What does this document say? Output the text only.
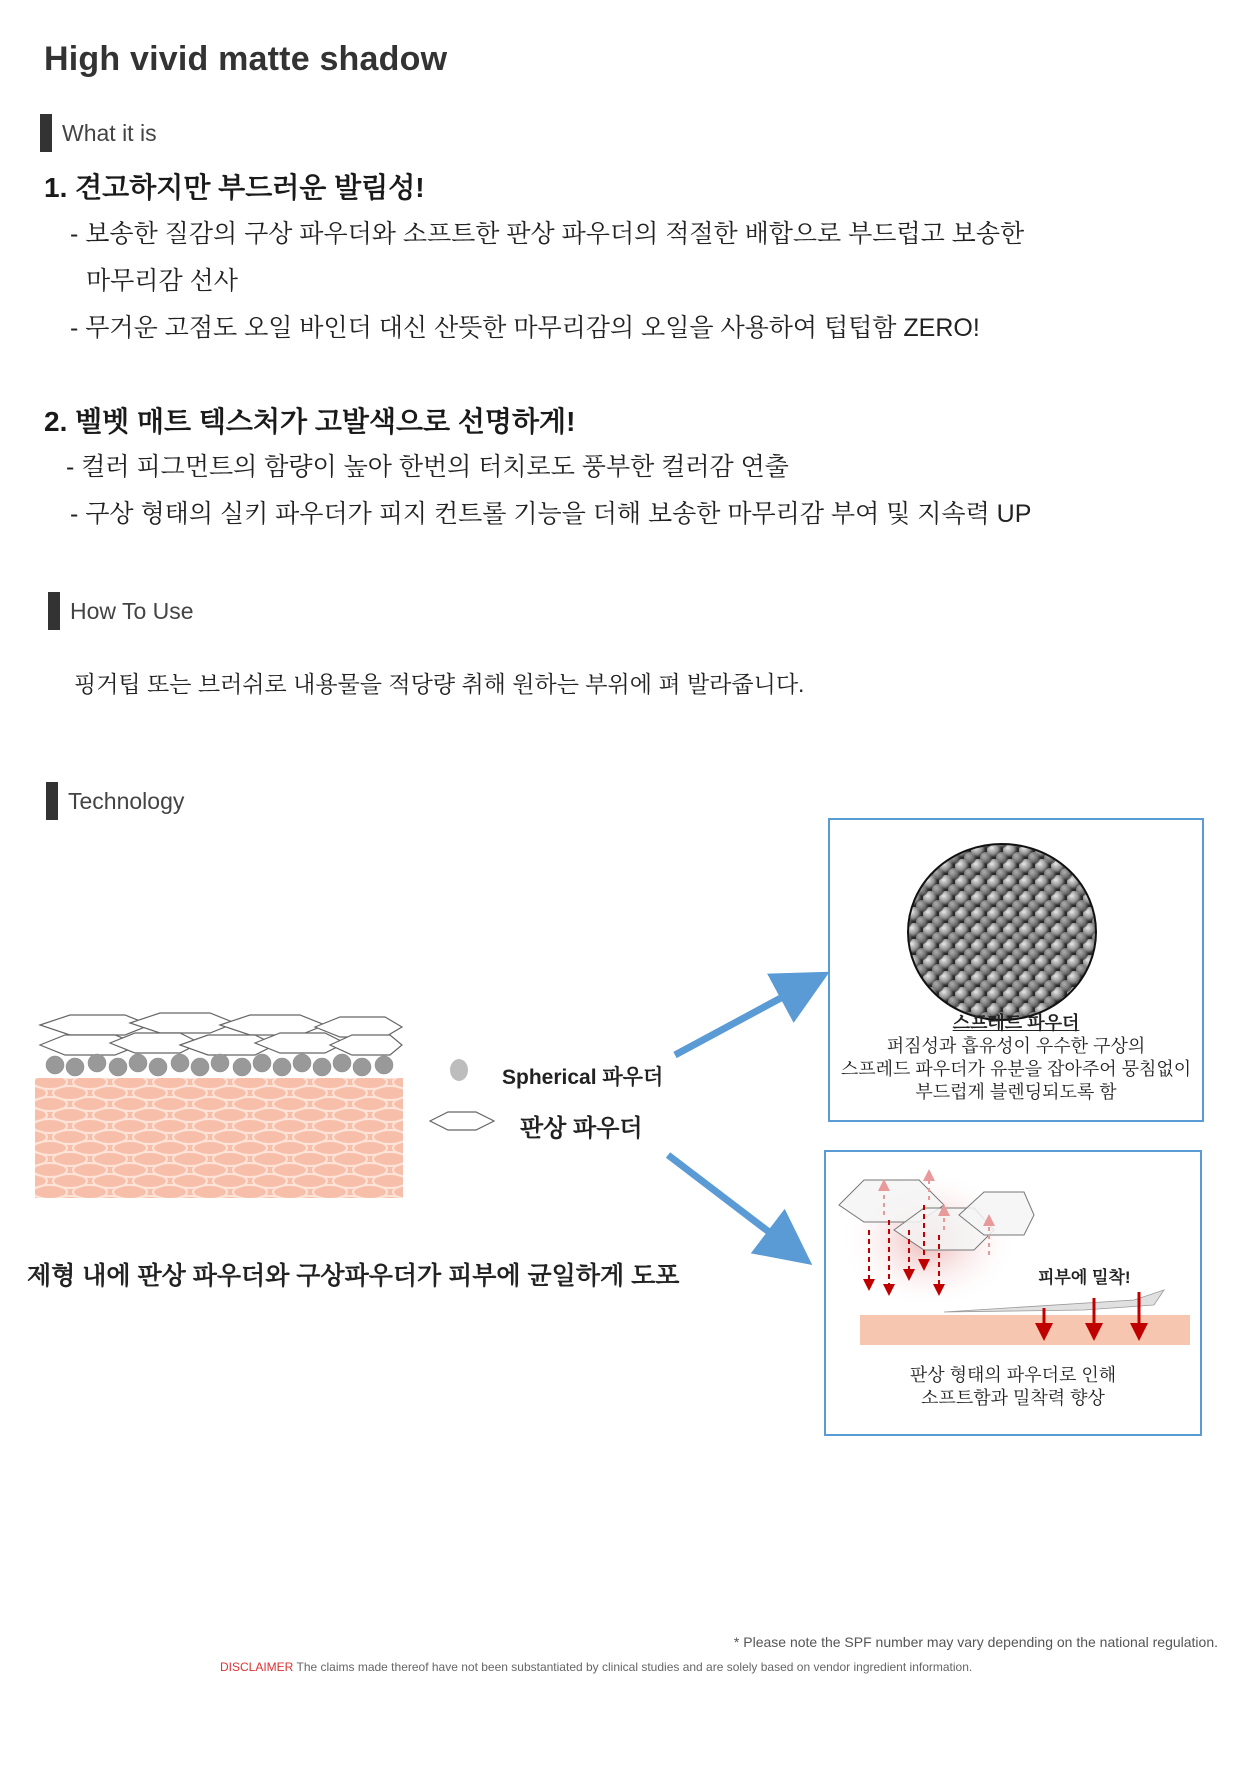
High vivid matte shadow
What it is
1. 견고하지만 부드러운 발림성!
- 보송한 질감의 구상 파우더와 소프트한 판상 파우더의 적절한 배합으로 부드럽고 보송한
마무리감 선사
- 무거운 고점도 오일 바인더 대신 산뜻한 마무리감의 오일을 사용하여 텁텁함 ZERO!
2. 벨벳 매트 텍스처가 고발색으로 선명하게!
- 컬러 피그먼트의 함량이 높아 한번의 터치로도 풍부한 컬러감 연출
- 구상 형태의 실키 파우더가 피지 컨트롤 기능을 더해 보송한 마무리감 부여 및 지속력 UP
How To Use
핑거팁 또는 브러쉬로 내용물을 적당량 취해 원하는 부위에 펴 발라줍니다.
Technology
Spherical 파우더
판상 파우더
제형 내에 판상 파우더와 구상파우더가 피부에 균일하게 도포
스프레드 파우더
퍼짐성과 흡유성이 우수한 구상의
스프레드 파우더가 유분을 잡아주어 뭉침없이
부드럽게 블렌딩되도록 함
피부에 밀착!
판상 형태의 파우더로 인해
소프트함과 밀착력 향상
* Please note the SPF number may vary depending on the national regulation.
DISCLAIMER The claims made thereof have not been substantiated by clinical studies and are solely based on vendor ingredient information.
